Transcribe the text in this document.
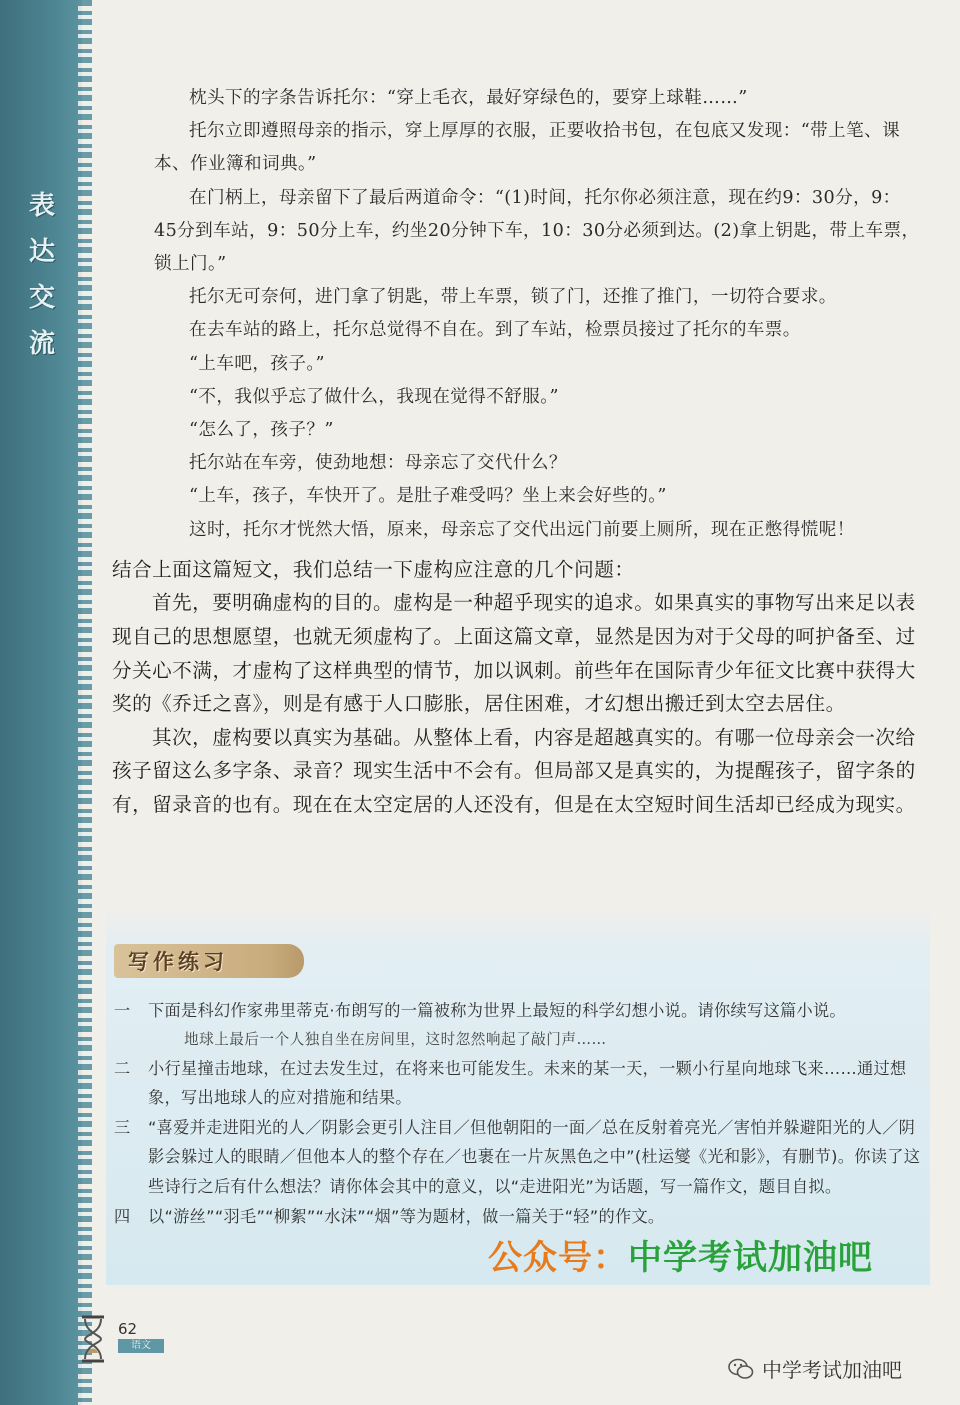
表
达
交
流

枕头下的字条告诉托尔：“穿上毛衣，最好穿绿色的，要穿上球鞋……”

托尔立即遵照母亲的指示，穿上厚厚的衣服，正要收拾书包，在包底又发现：“带上笔、课本、作业簿和词典。”

在门柄上，母亲留下了最后两道命令：“(1)时间，托尔你必须注意，现在约9：30分，9：45分到车站，9：50分上车，约坐20分钟下车，10：30分必须到达。(2)拿上钥匙，带上车票，锁上门。”

托尔无可奈何，进门拿了钥匙，带上车票，锁了门，还推了推门，一切符合要求。

在去车站的路上，托尔总觉得不自在。到了车站，检票员接过了托尔的车票。

“上车吧，孩子。”

“不，我似乎忘了做什么，我现在觉得不舒服。”

“怎么了，孩子？”

托尔站在车旁，使劲地想：母亲忘了交代什么？

“上车，孩子，车快开了。是肚子难受吗？坐上来会好些的。”

这时，托尔才恍然大悟，原来，母亲忘了交代出远门前要上厕所，现在正憋得慌呢！

结合上面这篇短文，我们总结一下虚构应注意的几个问题：

首先，要明确虚构的目的。虚构是一种超乎现实的追求。如果真实的事物写出来足以表现自己的思想愿望，也就无须虚构了。上面这篇文章，显然是因为对于父母的呵护备至、过分关心不满，才虚构了这样典型的情节，加以讽刺。前些年在国际青少年征文比赛中获得大奖的《乔迁之喜》，则是有感于人口膨胀，居住困难，才幻想出搬迁到太空去居住。

其次，虚构要以真实为基础。从整体上看，内容是超越真实的。有哪一位母亲会一次给孩子留这么多字条、录音？现实生活中不会有。但局部又是真实的，为提醒孩子，留字条的有，留录音的也有。现在在太空定居的人还没有，但是在太空短时间生活却已经成为现实。

写作练习
一	下面是科幻作家弗里蒂克·布朗写的一篇被称为世界上最短的科学幻想小说。请你续写这篇小说。
地球上最后一个人独自坐在房间里，这时忽然响起了敲门声……
二	小行星撞击地球，在过去发生过，在将来也可能发生。未来的某一天，一颗小行星向地球飞来……通过想象，写出地球人的应对措施和结果。
三	“喜爱并走进阳光的人／阴影会更引人注目／但他朝阳的一面／总在反射着亮光／害怕并躲避阳光的人／阴影会躲过人的眼睛／但他本人的整个存在／也裹在一片灰黑色之中”(杜运燮《光和影》，有删节)。你读了这些诗行之后有什么想法？请你体会其中的意义，以“走进阳光”为话题，写一篇作文，题目自拟。
四	以“游丝”“羽毛”“柳絮”“水沫”“烟”等为题材，做一篇关于“轻”的作文。
公众号：中学考试加油吧
62
语文
中学考试加油吧
